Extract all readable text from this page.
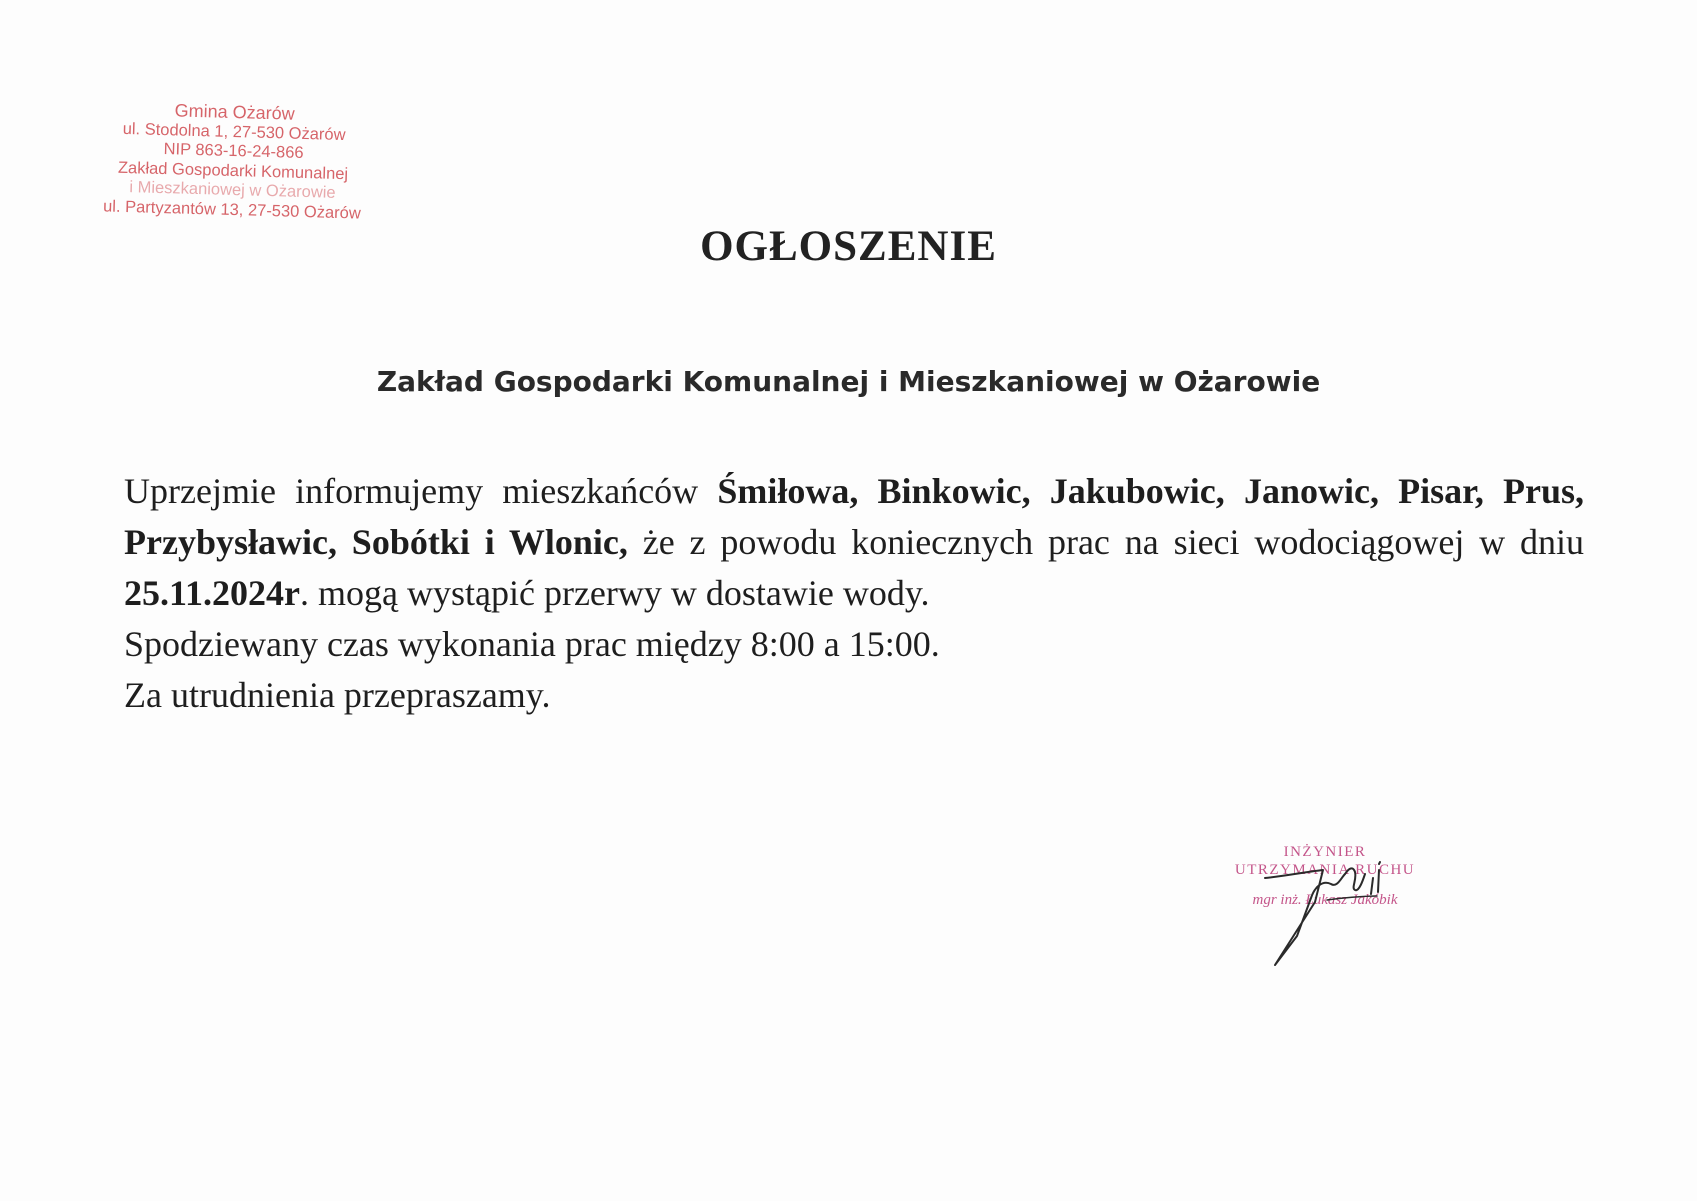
Gmina Ożarów
ul. Stodolna 1, 27-530 Ożarów
NIP 863-16-24-866
Zakład Gospodarki Komunalnej
i Mieszkaniowej w Ożarowie
ul. Partyzantów 13, 27-530 Ożarów
OGŁOSZENIE
Zakład Gospodarki Komunalnej i Mieszkaniowej w Ożarowie
Uprzejmie informujemy mieszkańców Śmiłowa, Binkowic, Jakubowic, Janowic, Pisar, Prus, Przybysławic, Sobótki i Wlonic, że z powodu koniecznych prac na sieci wodociągowej w dniu 25.11.2024r. mogą wystąpić przerwy w dostawie wody.
Spodziewany czas wykonania prac między 8:00 a 15:00.
Za utrudnienia przepraszamy.
INŻYNIER
UTRZYMANIA RUCHU
mgr inż. Łukasz Jakóbik
